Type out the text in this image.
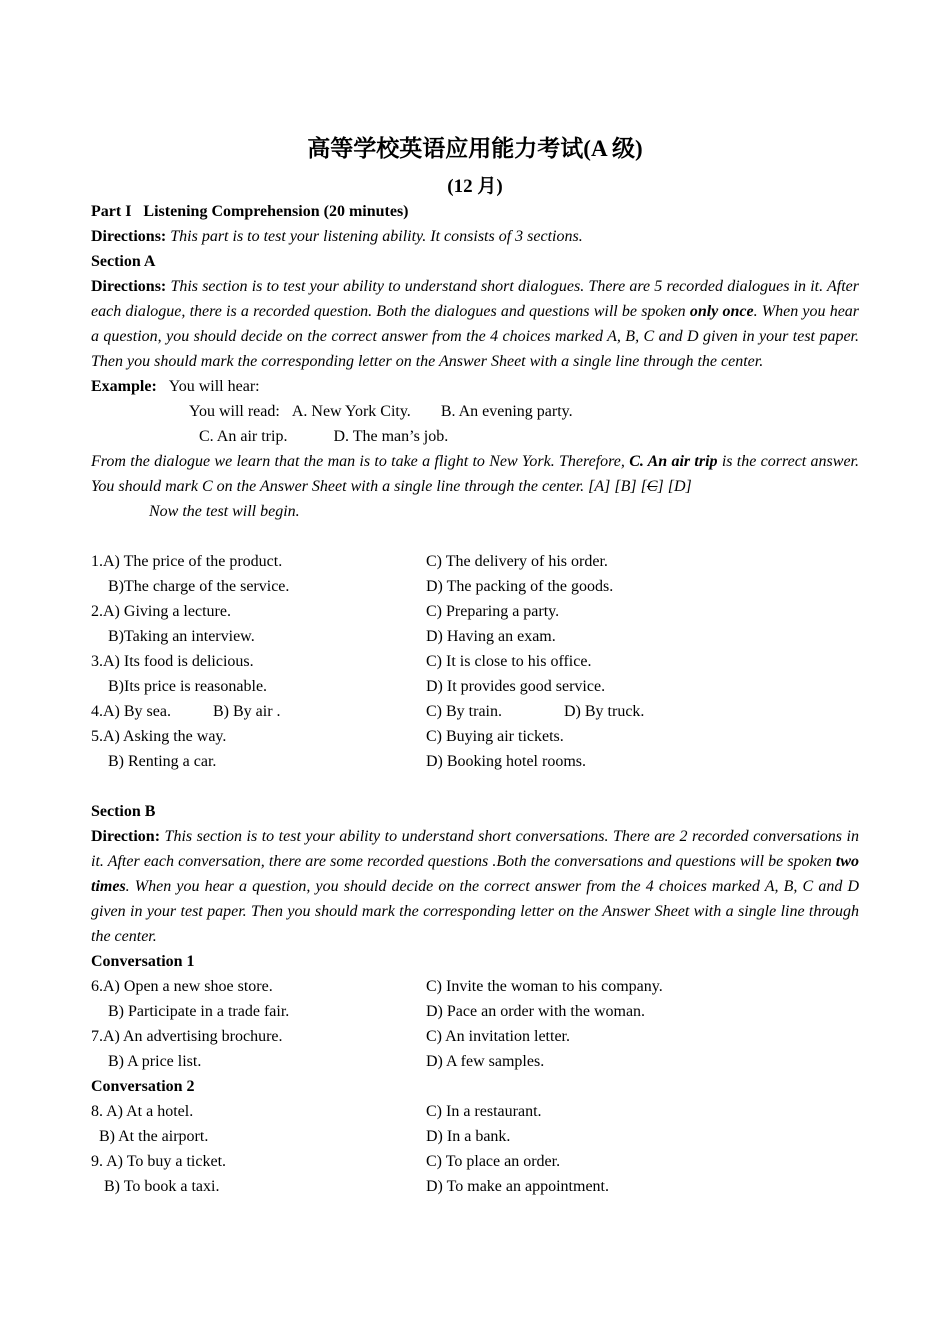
高等学校英语应用能力考试(A 级)
(12 月)
Part I   Listening Comprehension (20 minutes)
Directions: This part is to test your listening ability. It consists of 3 sections.
Section A
Directions: This section is to test your ability to understand short dialogues. There are 5 recorded dialogues in it. After each dialogue, there is a recorded question. Both the dialogues and questions will be spoken only once. When you hear a question, you should decide on the correct answer from the 4 choices marked A, B, C and D given in your test paper. Then you should mark the corresponding letter on the Answer Sheet with a single line through the center.
Example: You will hear:
You will read: A. New York City. B. An evening party.
C. An air trip.	D. The man’s job.
From the dialogue we learn that the man is to take a flight to New York. Therefore, C. An air trip is the correct answer. You should mark C on the Answer Sheet with a single line through the center. [A] [B] [C] [D]
Now the test will begin.
1.A) The price of the product.	C) The delivery of his order.
B)The charge of the service.	D) The packing of the goods.
2.A) Giving a lecture.	C) Preparing a party.
B)Taking an interview.	D) Having an exam.
3.A) Its food is delicious.	C) It is close to his office.
B)Its price is reasonable.	D) It provides good service.
4.A) By sea.	B) By air .	C) By train.	D) By truck.
5.A) Asking the way.	C) Buying air tickets.
B) Renting a car.	D) Booking hotel rooms.
Section B
Direction: This section is to test your ability to understand short conversations. There are 2 recorded conversations in it. After each conversation, there are some recorded questions .Both the conversations and questions will be spoken two times. When you hear a question, you should decide on the correct answer from the 4 choices marked A, B, C and D given in your test paper. Then you should mark the corresponding letter on the Answer Sheet with a single line through the center.
Conversation 1
6.A) Open a new shoe store.	C) Invite the woman to his company.
B) Participate in a trade fair.	D) Pace an order with the woman.
7.A) An advertising brochure.	C) An invitation letter.
B) A price list.	D) A few samples.
Conversation 2
8. A) At a hotel.	C) In a restaurant.
B) At the airport.	D) In a bank.
9. A) To buy a ticket.	C) To place an order.
B) To book a taxi.	D) To make an appointment.
